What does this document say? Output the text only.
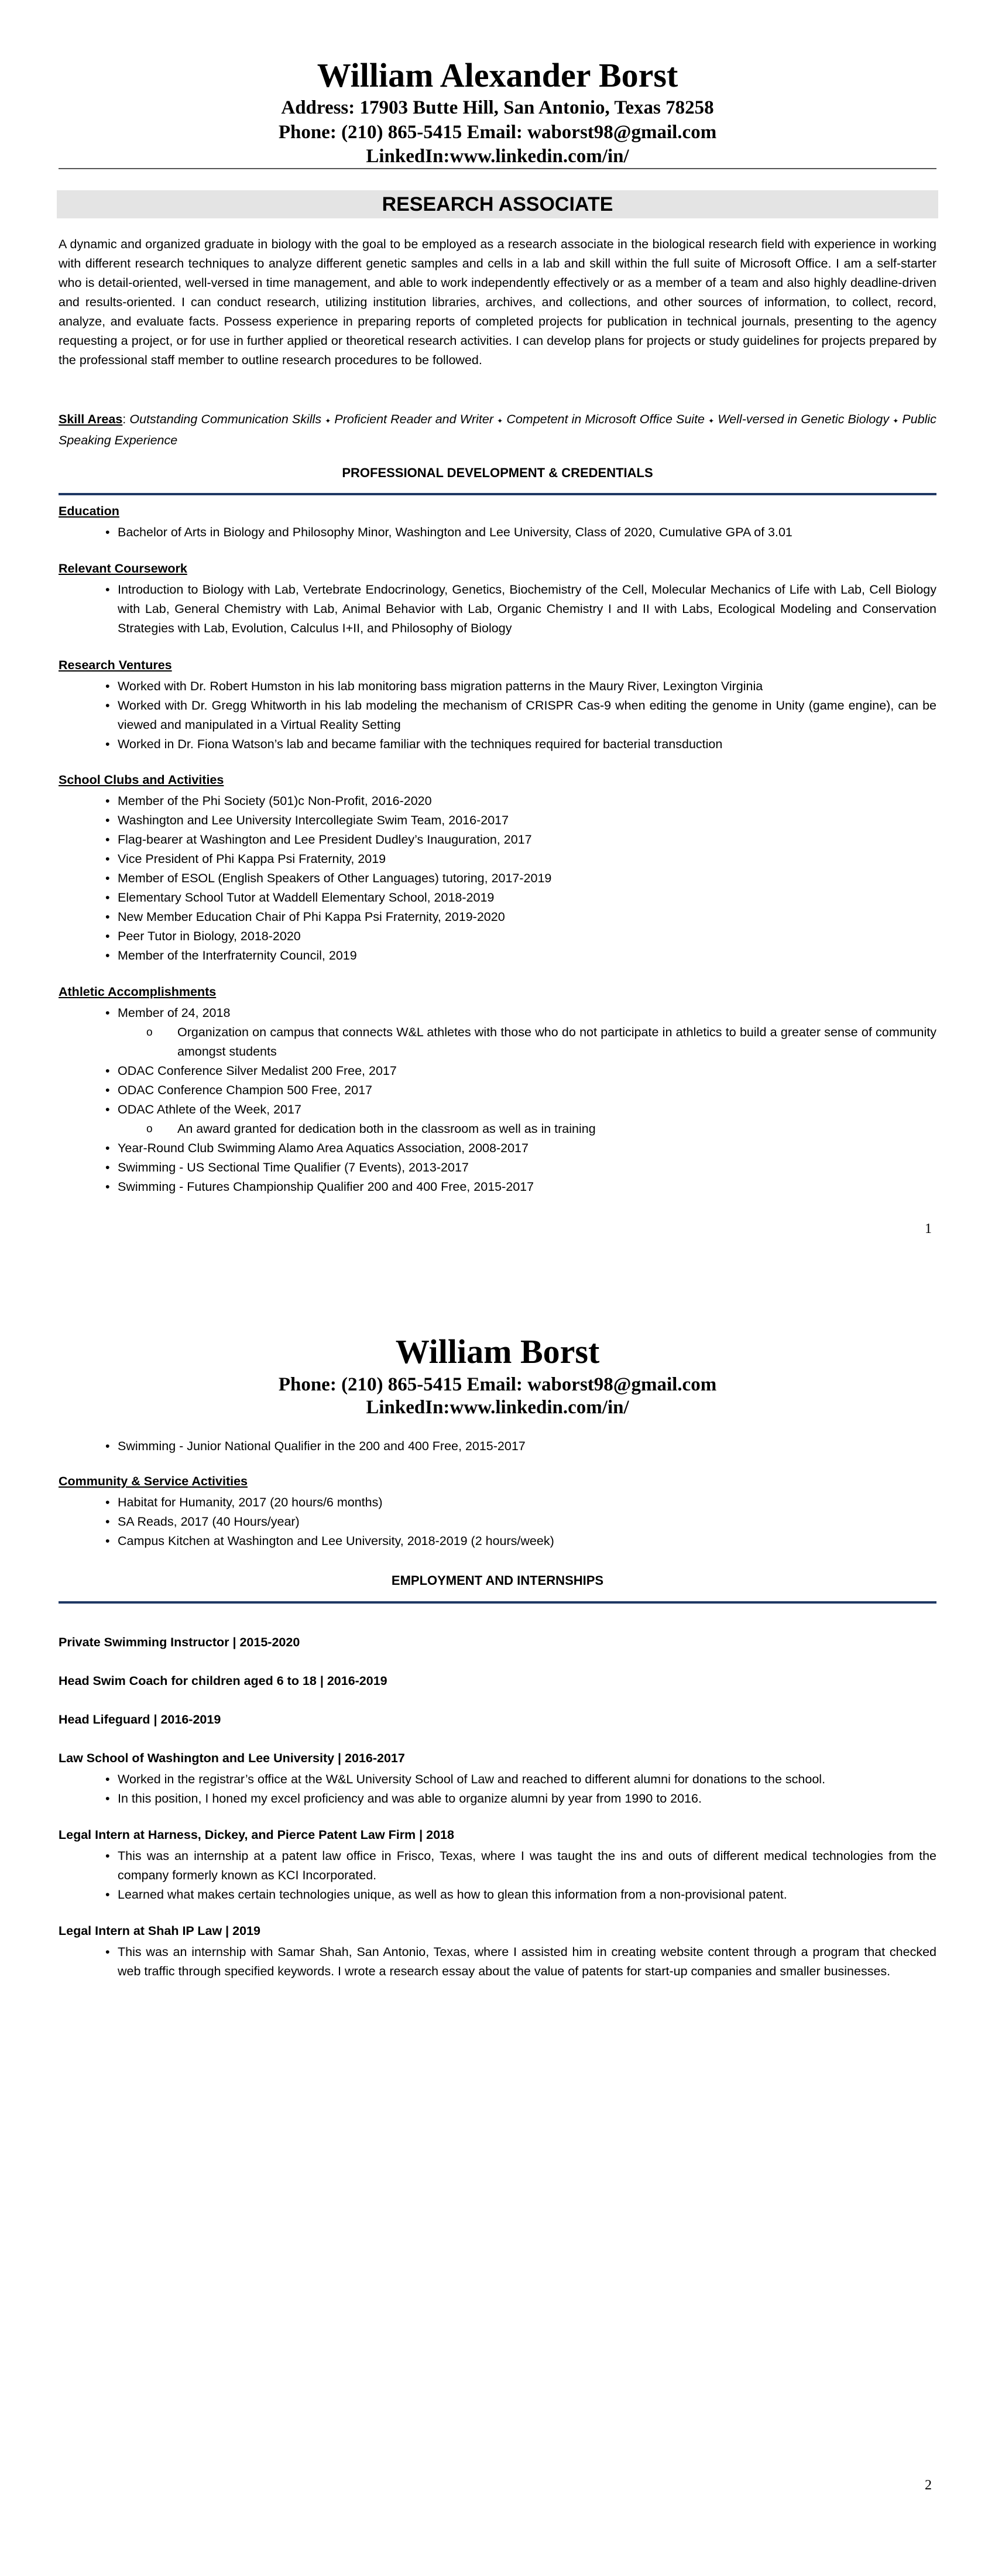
William Alexander Borst
Address: 17903 Butte Hill, San Antonio, Texas 78258
Phone: (210) 865-5415 Email: waborst98@gmail.com
LinkedIn:www.linkedin.com/in/
RESEARCH ASSOCIATE
A dynamic and organized graduate in biology with the goal to be employed as a research associate in the biological research field with experience in working with different research techniques to analyze different genetic samples and cells in a lab and skill within the full suite of Microsoft Office. I am a self-starter who is detail-oriented, well-versed in time management, and able to work independently effectively or as a member of a team and also highly deadline-driven and results-oriented. I can conduct research, utilizing institution libraries, archives, and collections, and other sources of information, to collect, record, analyze, and evaluate facts. Possess experience in preparing reports of completed projects for publication in technical journals, presenting to the agency requesting a project, or for use in further applied or theoretical research activities. I can develop plans for projects or study guidelines for projects prepared by the professional staff member to outline research procedures to be followed.
Skill Areas: Outstanding Communication Skills ✦ Proficient Reader and Writer ✦ Competent in Microsoft Office Suite ✦ Well-versed in Genetic Biology ✦ Public Speaking Experience
PROFESSIONAL DEVELOPMENT & CREDENTIALS
Education
• Bachelor of Arts in Biology and Philosophy Minor, Washington and Lee University, Class of 2020, Cumulative GPA of 3.01
Relevant Coursework
• Introduction to Biology with Lab, Vertebrate Endocrinology, Genetics, Biochemistry of the Cell, Molecular Mechanics of Life with Lab, Cell Biology with Lab, General Chemistry with Lab, Animal Behavior with Lab, Organic Chemistry I and II with Labs, Ecological Modeling and Conservation Strategies with Lab, Evolution, Calculus I+II, and Philosophy of Biology
Research Ventures
• Worked with Dr. Robert Humston in his lab monitoring bass migration patterns in the Maury River, Lexington Virginia
• Worked with Dr. Gregg Whitworth in his lab modeling the mechanism of CRISPR Cas-9 when editing the genome in Unity (game engine), can be viewed and manipulated in a Virtual Reality Setting
• Worked in Dr. Fiona Watson’s lab and became familiar with the techniques required for bacterial transduction
School Clubs and Activities
• Member of the Phi Society (501)c Non-Profit, 2016-2020
• Washington and Lee University Intercollegiate Swim Team, 2016-2017
• Flag-bearer at Washington and Lee President Dudley’s Inauguration, 2017
• Vice President of Phi Kappa Psi Fraternity, 2019
• Member of ESOL (English Speakers of Other Languages) tutoring, 2017-2019
• Elementary School Tutor at Waddell Elementary School, 2018-2019
• New Member Education Chair of Phi Kappa Psi Fraternity, 2019-2020
• Peer Tutor in Biology, 2018-2020
• Member of the Interfraternity Council, 2019
Athletic Accomplishments
• Member of 24, 2018
o Organization on campus that connects W&L athletes with those who do not participate in athletics to build a greater sense of community amongst students
• ODAC Conference Silver Medalist 200 Free, 2017
• ODAC Conference Champion 500 Free, 2017
• ODAC Athlete of the Week, 2017
o An award granted for dedication both in the classroom as well as in training
• Year-Round Club Swimming Alamo Area Aquatics Association, 2008-2017
• Swimming - US Sectional Time Qualifier (7 Events), 2013-2017
• Swimming - Futures Championship Qualifier 200 and 400 Free, 2015-2017
1
William Borst
Phone: (210) 865-5415 Email: waborst98@gmail.com
LinkedIn:www.linkedin.com/in/
• Swimming - Junior National Qualifier in the 200 and 400 Free, 2015-2017
Community & Service Activities
• Habitat for Humanity, 2017 (20 hours/6 months)
• SA Reads, 2017 (40 Hours/year)
• Campus Kitchen at Washington and Lee University, 2018-2019 (2 hours/week)
EMPLOYMENT AND INTERNSHIPS
Private Swimming Instructor | 2015-2020
Head Swim Coach for children aged 6 to 18 | 2016-2019
Head Lifeguard | 2016-2019
Law School of Washington and Lee University | 2016-2017
• Worked in the registrar’s office at the W&L University School of Law and reached to different alumni for donations to the school.
• In this position, I honed my excel proficiency and was able to organize alumni by year from 1990 to 2016.
Legal Intern at Harness, Dickey, and Pierce Patent Law Firm | 2018
• This was an internship at a patent law office in Frisco, Texas, where I was taught the ins and outs of different medical technologies from the company formerly known as KCI Incorporated.
• Learned what makes certain technologies unique, as well as how to glean this information from a non-provisional patent.
Legal Intern at Shah IP Law | 2019
• This was an internship with Samar Shah, San Antonio, Texas, where I assisted him in creating website content through a program that checked web traffic through specified keywords. I wrote a research essay about the value of patents for start-up companies and smaller businesses.
2
